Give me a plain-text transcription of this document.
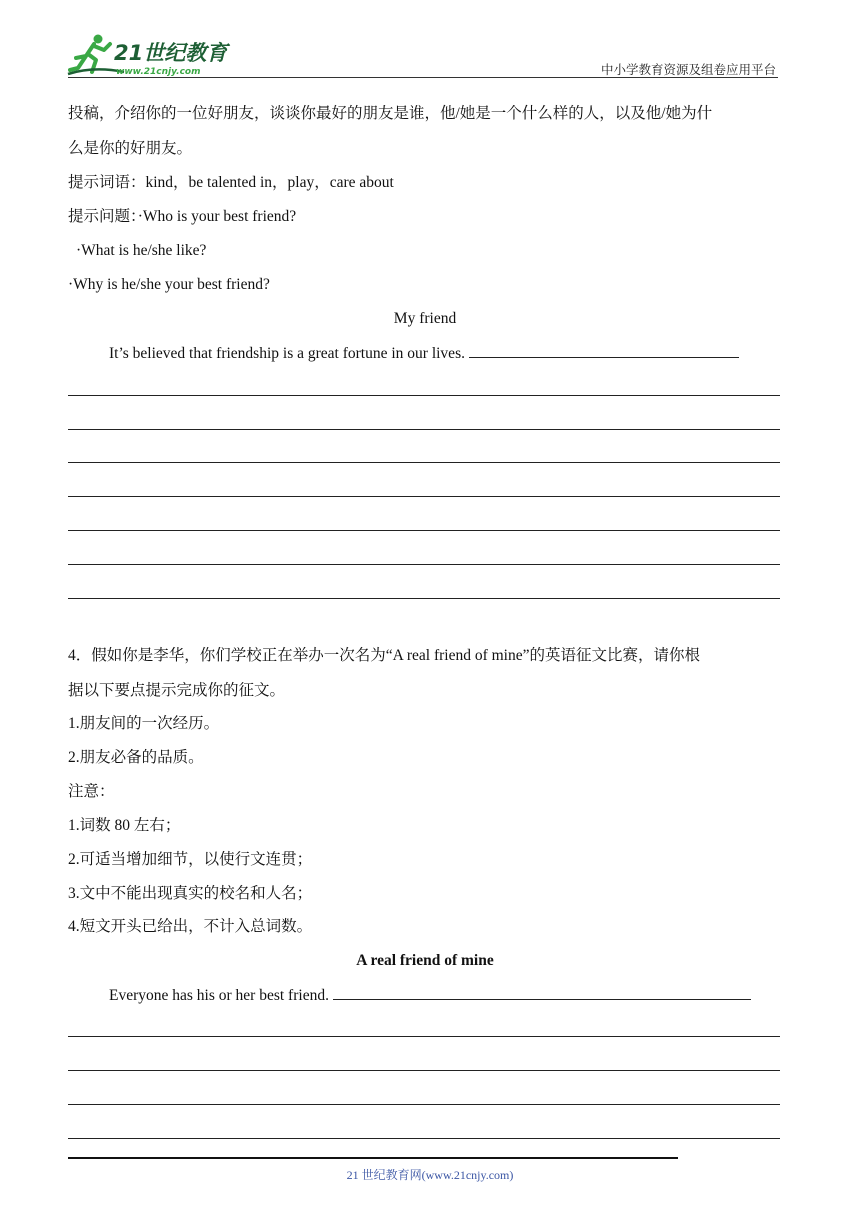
21世纪教育
www.21cnjy.com	中小学教育资源及组卷应用平台
投稿，介绍你的一位好朋友，谈谈你最好的朋友是谁，他/她是一个什么样的人，以及他/她为什
么是你的好朋友。
提示词语：kind，be talented in，play，care about
提示问题：·Who is your best friend?
·What is he/she like?
·Why is he/she your best friend?
My friend
It’s believed that friendship is a great fortune in our lives.
4．假如你是李华，你们学校正在举办一次名为“A real friend of mine”的英语征文比赛，请你根
据以下要点提示完成你的征文。
1.朋友间的一次经历。
2.朋友必备的品质。
注意：
1.词数 80 左右；
2.可适当增加细节，以使行文连贯；
3.文中不能出现真实的校名和人名；
4.短文开头已给出，不计入总词数。
A real friend of mine
Everyone has his or her best friend.
21 世纪教育网(www.21cnjy.com)
